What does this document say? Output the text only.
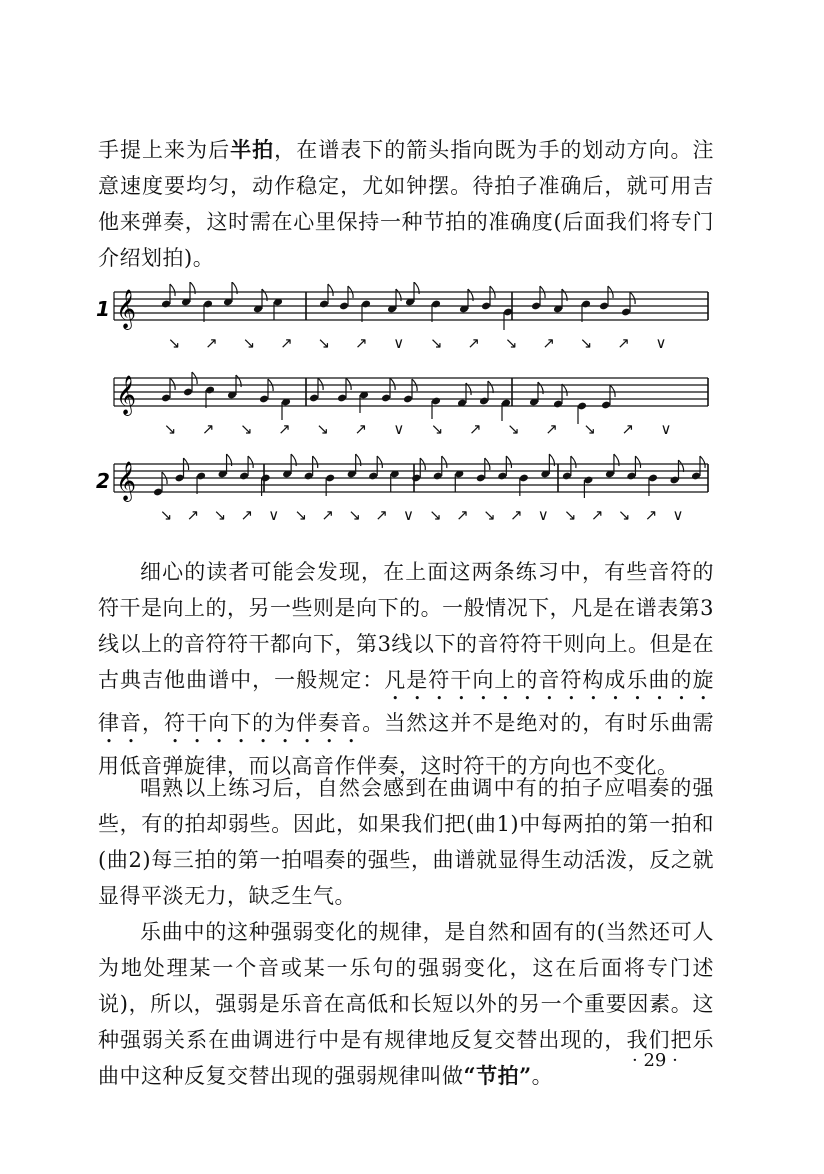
手提上来为后半拍，在谱表下的箭头指向既为手的划动方向。注意速度要均匀，动作稳定，尤如钟摆。待拍子准确后，就可用吉他来弹奏，这时需在心里保持一种节拍的准确度(后面我们将专门介绍划拍)。

𝄞
1
↘ ↗ ↘ ↗ ↘ ↗ ∨ ↘ ↗ ↘ ↗ ↘ ↗ ∨
𝄞
↘ ↗ ↘ ↗ ↘ ↗ ∨ ↘ ↗ ↘ ↗ ↘ ↗ ∨
𝄞
2
↘ ↗ ↘ ↗ ∨ ↘ ↗ ↘ ↗ ∨ ↘ ↗ ↘ ↗ ∨ ↘ ↗ ↘ ↗ ∨

细心的读者可能会发现，在上面这两条练习中，有些音符的符干是向上的，另一些则是向下的。一般情况下，凡是在谱表第3线以上的音符符干都向下，第3线以下的音符符干则向上。但是在古典吉他曲谱中，一般规定：凡是符干向上的音符构成乐曲的旋律音，符干向下的为伴奏音。当然这并不是绝对的，有时乐曲需用低音弹旋律，而以高音作伴奏，这时符干的方向也不变化。

唱熟以上练习后，自然会感到在曲调中有的拍子应唱奏的强些，有的拍却弱些。因此，如果我们把(曲1)中每两拍的第一拍和(曲2)每三拍的第一拍唱奏的强些，曲谱就显得生动活泼，反之就显得平淡无力，缺乏生气。

乐曲中的这种强弱变化的规律，是自然和固有的(当然还可人为地处理某一个音或某一乐句的强弱变化，这在后面将专门述说)，所以，强弱是乐音在高低和长短以外的另一个重要因素。这种强弱关系在曲调进行中是有规律地反复交替出现的，我们把乐曲中这种反复交替出现的强弱规律叫做“节拍”。

· 29 ·
